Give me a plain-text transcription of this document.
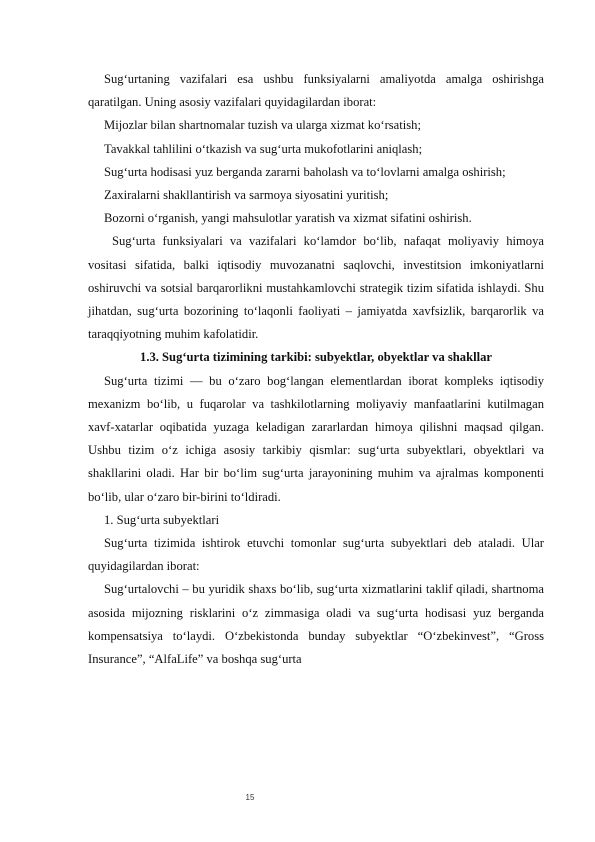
Sug‘urtaning vazifalari esa ushbu funksiyalarni amaliyotda amalga oshirishga qaratilgan. Uning asosiy vazifalari quyidagilardan iborat:

Mijozlar bilan shartnomalar tuzish va ularga xizmat ko‘rsatish;

Tavakkal tahlilini o‘tkazish va sug‘urta mukofotlarini aniqlash;

Sug‘urta hodisasi yuz berganda zararni baholash va to‘lovlarni amalga oshirish;

Zaxiralarni shakllantirish va sarmoya siyosatini yuritish;

Bozorni o‘rganish, yangi mahsulotlar yaratish va xizmat sifatini oshirish.

Sug‘urta funksiyalari va vazifalari ko‘lamdor bo‘lib, nafaqat moliyaviy himoya vositasi sifatida, balki iqtisodiy muvozanatni saqlovchi, investitsion imkoniyatlarni oshiruvchi va sotsial barqarorlikni mustahkamlovchi strategik tizim sifatida ishlaydi. Shu jihatdan, sug‘urta bozorining to‘laqonli faoliyati – jamiyatda xavfsizlik, barqarorlik va taraqqiyotning muhim kafolatidir.

1.3. Sug‘urta tizimining tarkibi: subyektlar, obyektlar va shakllar

Sug‘urta tizimi — bu o‘zaro bog‘langan elementlardan iborat kompleks iqtisodiy mexanizm bo‘lib, u fuqarolar va tashkilotlarning moliyaviy manfaatlarini kutilmagan xavf-xatarlar oqibatida yuzaga keladigan zararlardan himoya qilishni maqsad qilgan. Ushbu tizim o‘z ichiga asosiy tarkibiy qismlar: sug‘urta subyektlari, obyektlari va shakllarini oladi. Har bir bo‘lim sug‘urta jarayonining muhim va ajralmas komponenti bo‘lib, ular o‘zaro bir-birini to‘ldiradi.

1. Sug‘urta subyektlari

Sug‘urta tizimida ishtirok etuvchi tomonlar sug‘urta subyektlari deb ataladi. Ular quyidagilardan iborat:

Sug‘urtalovchi – bu yuridik shaxs bo‘lib, sug‘urta xizmatlarini taklif qiladi, shartnoma asosida mijozning risklarini o‘z zimmasiga oladi va sug‘urta hodisasi yuz berganda kompensatsiya to‘laydi. O‘zbekistonda bunday subyektlar “O‘zbekinvest”, “Gross Insurance”, “AlfaLife” va boshqa sug‘urta

15
